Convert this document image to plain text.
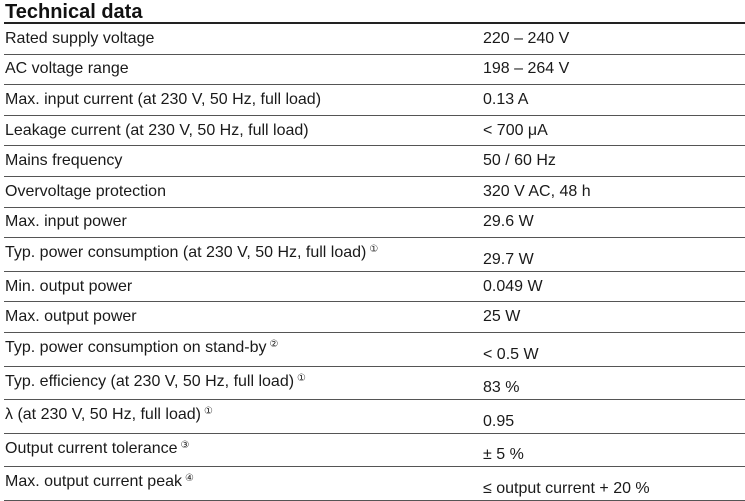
Technical data
Rated supply voltage	220 – 240 V
AC voltage range	198 – 264 V
Max. input current (at 230 V, 50 Hz, full load)	0.13 A
Leakage current (at 230 V, 50 Hz, full load)	< 700 μA
Mains frequency	50 / 60 Hz
Overvoltage protection	320 V AC, 48 h
Max. input power	29.6 W
Typ. power consumption (at 230 V, 50 Hz, full load) ①	29.7 W
Min. output power	0.049 W
Max. output power	25 W
Typ. power consumption on stand-by ②	< 0.5 W
Typ. efficiency (at 230 V, 50 Hz, full load) ①	83 %
λ (at 230 V, 50 Hz, full load) ①	0.95
Output current tolerance ③	± 5 %
Max. output current peak ④	≤ output current + 20 %
